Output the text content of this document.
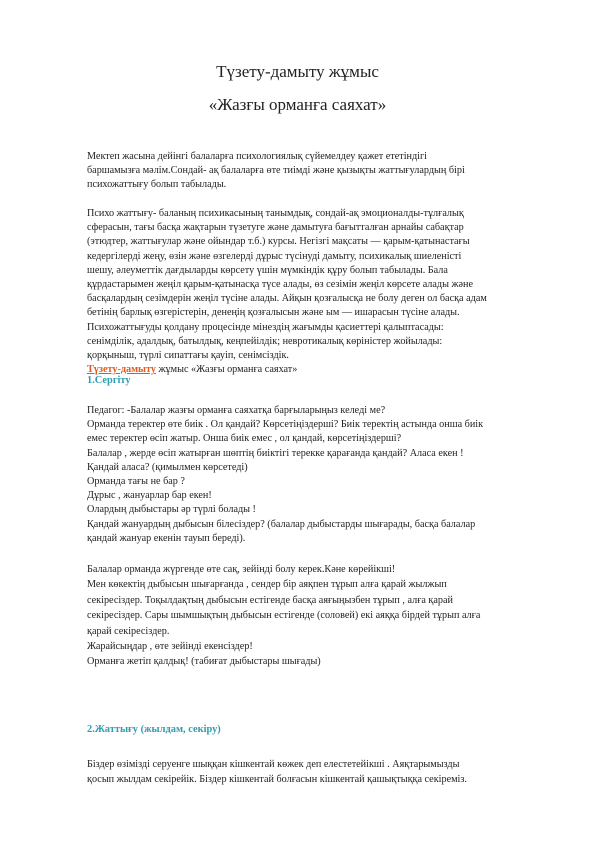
Түзету-дамыту жұмыс
«Жазғы орманға саяхат»
Мектеп жасына дейінгі балаларға психологиялық сүйемелдеу қажет ететіндігі
баршамызға мәлім.Сондай- ақ балаларға өте тиімді және қызықты жаттығулардың бірі
психожаттығу болып табылады.
Психо жаттығу- баланың психикасының танымдық, сондай-ақ эмоционалды-тұлғалық
сферасын, тағы басқа жақтарын түзетуге және дамытуға бағытталған арнайы сабақтар
(этюдтер, жаттығулар және ойындар т.б.) курсы. Негізгі мақсаты — қарым-қатынастағы
кедергілерді жеңу, өзін және өзгелерді дұрыс түсінуді дамыту, психикалық шиеленісті
шешу, әлеуметтік дағдыларды көрсету үшін мүмкіндік құру болып табылады. Бала
құрдастарымен жеңіл қарым-қатынасқа түсе алады, өз сезімін жеңіл көрсете алады және
басқалардың сезімдерін жеңіл түсіне алады. Айқын қозғалысқа не болу деген ол басқа адам
бетінің барлық өзгерістерін, денеңің қозғалысын және ым — ишарасын түсіне алады.
Психожаттығуды қолдану процесінде мінездің жағымды қасиеттері қалыптасады:
сенімділік, адалдық, батылдық, кеңпейілдік; невротикалық көріністер жойылады:
қорқыныш, түрлі сипаттағы қауіп, сенімсіздік.
Түзету-дамыту жұмыс «Жазғы орманға саяхат»
1.Сергіту
Педагог: -Балалар жазғы орманға саяхатқа барғыларыңыз келеді ме?
Орманда теректер өте биік . Ол қандай? Көрсетіңіздерші? Биік теректің астында онша биік
емес теректер өсіп жатыр. Онша биік емес , ол қандай, көрсетіңіздерші?
Балалар , жерде өсіп жатырған шөптің биіктігі терекке қарағанда қандай? Аласа екен !
Қандай аласа? (қимылмен көрсетеді)
Орманда тағы не бар ?
Дұрыс , жануарлар бар екен!
Олардың дыбыстары әр түрлі болады !
Қандай жануардың дыбысын білесіздер? (балалар дыбыстарды шығарады, басқа балалар
қандай жануар екенін тауып береді).
Балалар орманда жүргенде өте сақ, зейінді болу керек.Кәне көрейікші!
Мен көкектің дыбысын шығарғанда , сендер бір аяқпен тұрып алға қарай жылжып
секіресіздер. Тоқылдақтың дыбысын естігенде басқа аяғыңызбен тұрып , алға қарай
секіресіздер. Сары шымшықтың дыбысын естігенде (соловей) екі аяққа бірдей тұрып алға
қарай секіресіздер.
Жарайсыңдар , өте зейінді екенсіздер!
Орманға жетіп қалдық! (табиғат дыбыстары шығады)
2.Жаттығу (жылдам, секіру)
Біздер өзіміздi серуенге шыққан кішкентай көжек деп елестетейікші . Аяқтарымызды
қосып жылдам секірейік. Біздер кішкентай болғасын кішкентай қашықтыққа секіреміз.
